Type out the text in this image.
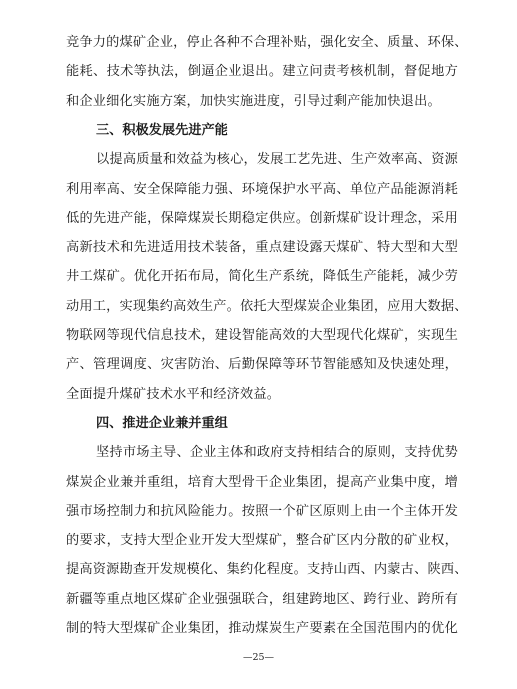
竞争力的煤矿企业，停止各种不合理补贴，强化安全、质量、环保、
能耗、技术等执法，倒逼企业退出。建立问责考核机制，督促地方
和企业细化实施方案，加快实施进度，引导过剩产能加快退出。
三、积极发展先进产能
以提高质量和效益为核心，发展工艺先进、生产效率高、资源
利用率高、安全保障能力强、环境保护水平高、单位产品能源消耗
低的先进产能，保障煤炭长期稳定供应。创新煤矿设计理念，采用
高新技术和先进适用技术装备，重点建设露天煤矿、特大型和大型
井工煤矿。优化开拓布局，简化生产系统，降低生产能耗，减少劳
动用工，实现集约高效生产。依托大型煤炭企业集团，应用大数据、
物联网等现代信息技术，建设智能高效的大型现代化煤矿，实现生
产、管理调度、灾害防治、后勤保障等环节智能感知及快速处理，
全面提升煤矿技术水平和经济效益。
四、推进企业兼并重组
坚持市场主导、企业主体和政府支持相结合的原则，支持优势
煤炭企业兼并重组，培育大型骨干企业集团，提高产业集中度，增
强市场控制力和抗风险能力。按照一个矿区原则上由一个主体开发
的要求，支持大型企业开发大型煤矿，整合矿区内分散的矿业权，
提高资源勘查开发规模化、集约化程度。支持山西、内蒙古、陕西、
新疆等重点地区煤矿企业强强联合，组建跨地区、跨行业、跨所有
制的特大型煤矿企业集团，推动煤炭生产要素在全国范围内的优化
—25—
